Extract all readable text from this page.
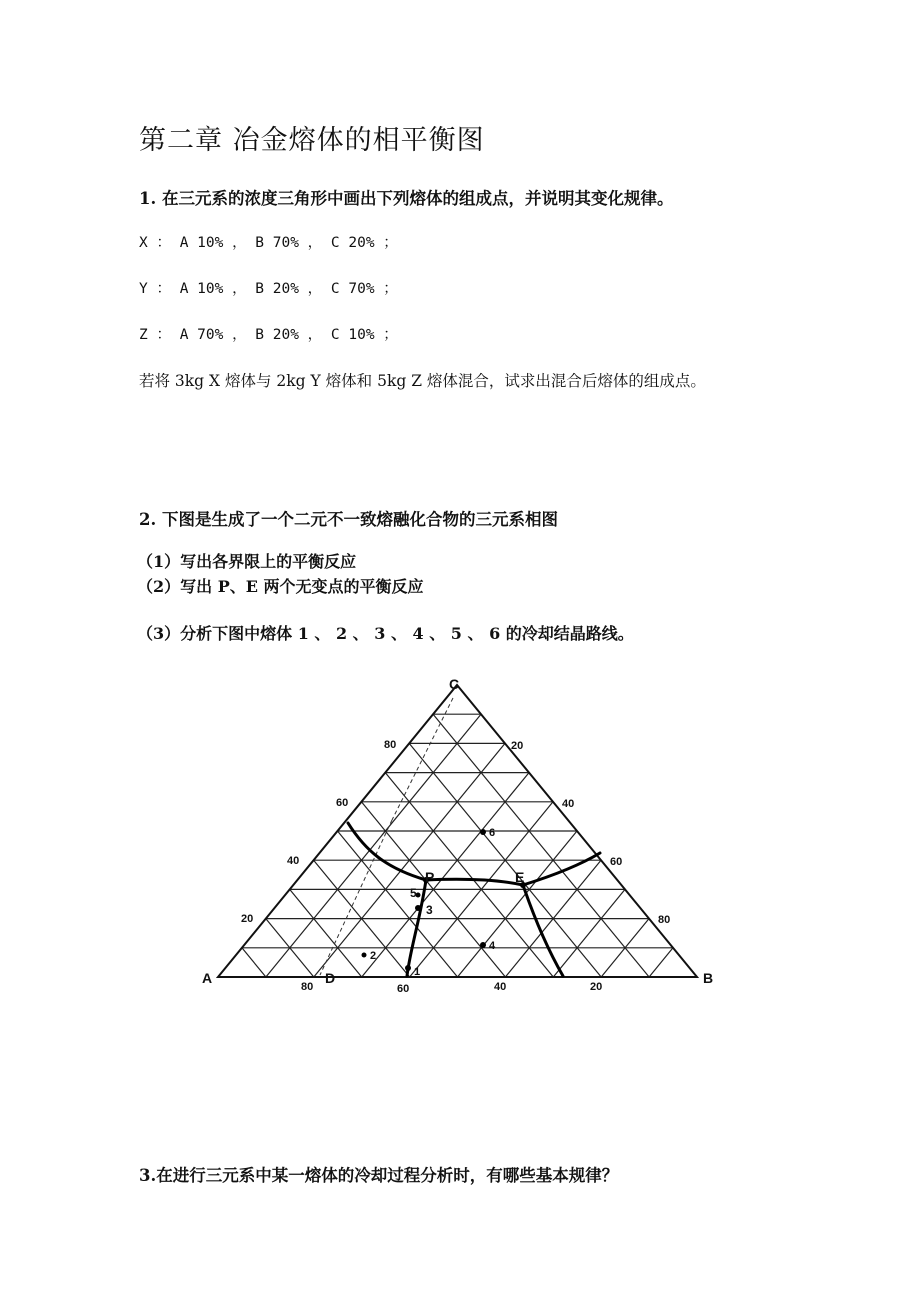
第二章 冶金熔体的相平衡图
1. 在三元系的浓度三角形中画出下列熔体的组成点，并说明其变化规律。
X ： A 10% ， B 70% ， C 20% ；
Y ： A 10% ， B 20% ， C 70% ；
Z ： A 70% ， B 20% ， C 10% ；
若将 3kg X 熔体与 2kg Y 熔体和 5kg Z 熔体混合，试求出混合后熔体的组成点。
2. 下图是生成了一个二元不一致熔融化合物的三元系相图
（1）写出各界限上的平衡反应
（2）写出 P、E 两个无变点的平衡反应
（3）分析下图中熔体 1 、 2 、 3 、 4 、 5 、 6 的冷却结晶路线。
C
A	B
D
P	E
1
2
3
4
5
6
80	60	40	20
80
60
40
20
20
40
60
80
3.在进行三元系中某一熔体的冷却过程分析时，有哪些基本规律？
